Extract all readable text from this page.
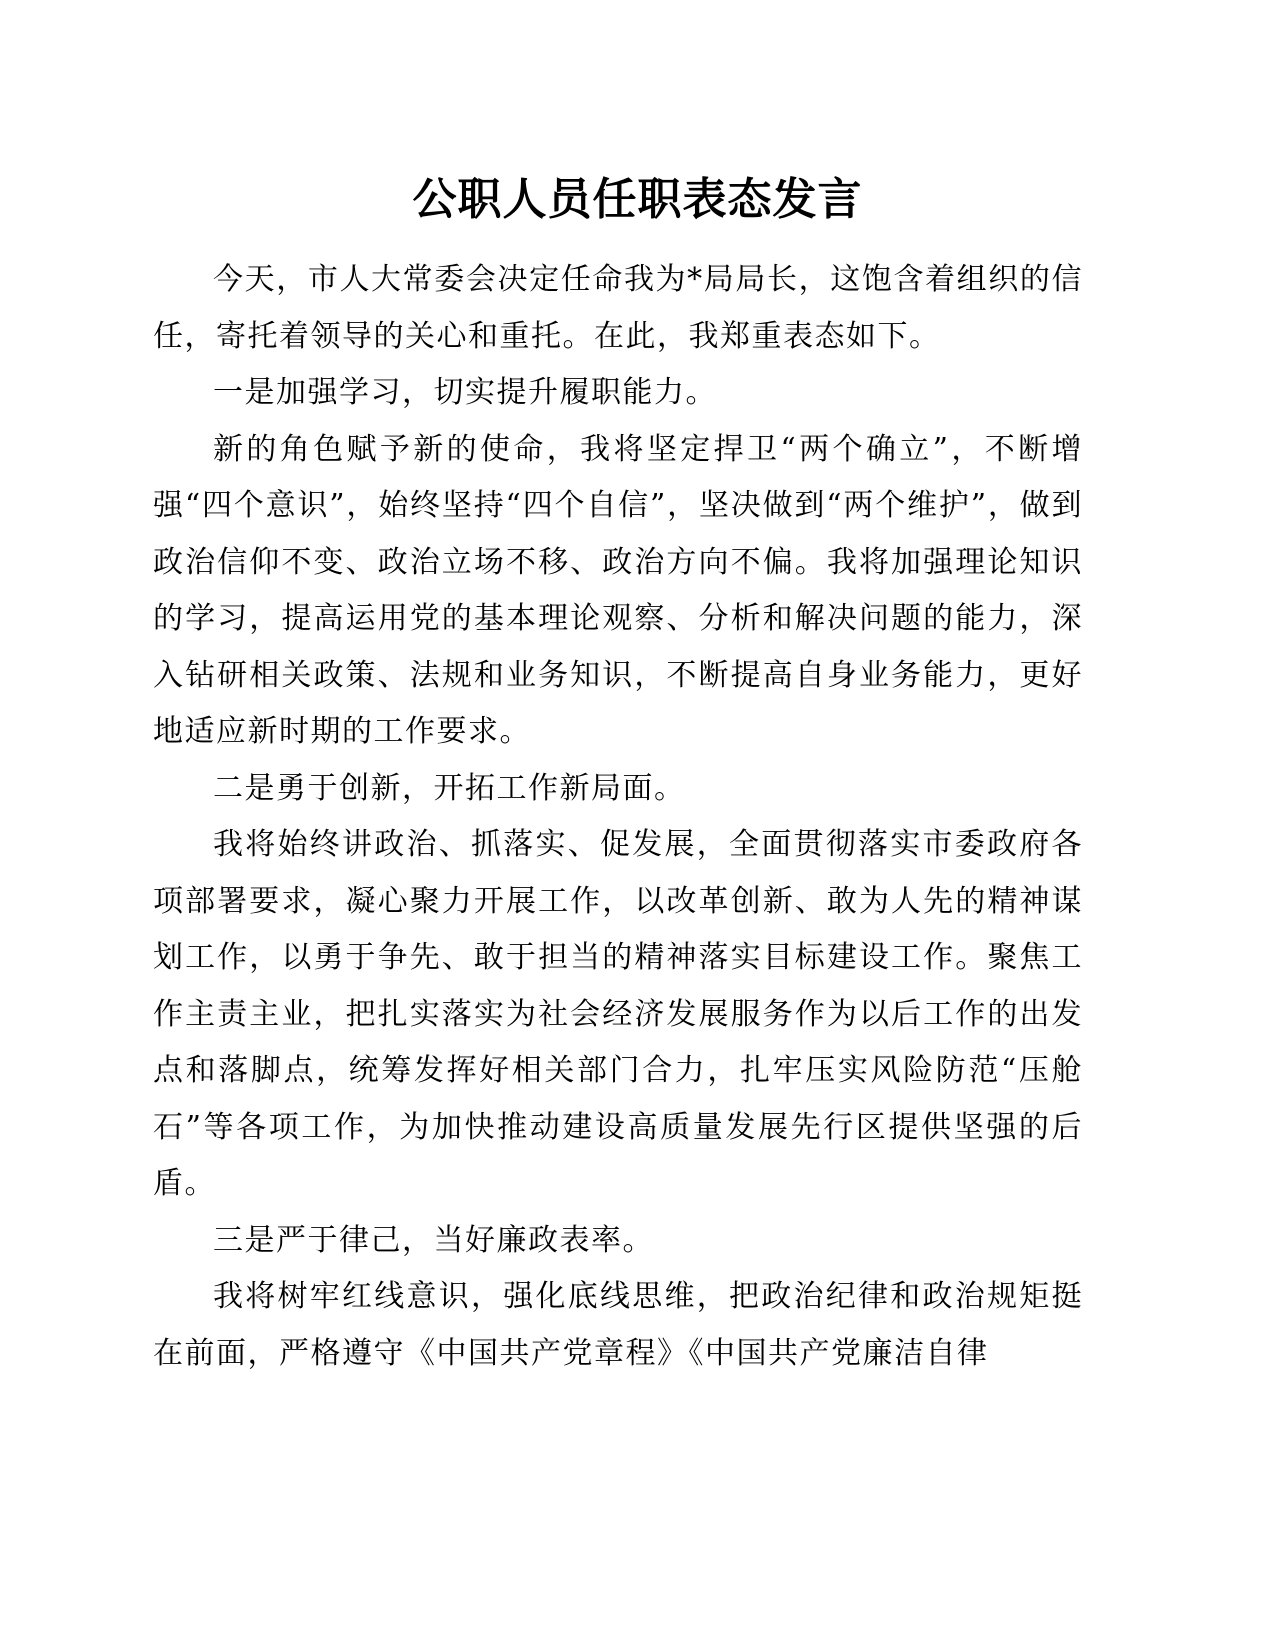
公职人员任职表态发言

今天，市人大常委会决定任命我为*局局长，这饱含着组织的信任，寄托着领导的关心和重托。在此，我郑重表态如下。

一是加强学习，切实提升履职能力。

新的角色赋予新的使命，我将坚定捍卫“两个确立”，不断增强“四个意识”，始终坚持“四个自信”，坚决做到“两个维护”，做到政治信仰不变、政治立场不移、政治方向不偏。我将加强理论知识的学习，提高运用党的基本理论观察、分析和解决问题的能力，深入钻研相关政策、法规和业务知识，不断提高自身业务能力，更好地适应新时期的工作要求。

二是勇于创新，开拓工作新局面。

我将始终讲政治、抓落实、促发展，全面贯彻落实市委政府各项部署要求，凝心聚力开展工作，以改革创新、敢为人先的精神谋划工作，以勇于争先、敢于担当的精神落实目标建设工作。聚焦工作主责主业，把扎实落实为社会经济发展服务作为以后工作的出发点和落脚点，统筹发挥好相关部门合力，扎牢压实风险防范“压舱石”等各项工作，为加快推动建设高质量发展先行区提供坚强的后盾。

三是严于律己，当好廉政表率。

我将树牢红线意识，强化底线思维，把政治纪律和政治规矩挺在前面，严格遵守《中国共产党章程》《中国共产党廉洁自律
